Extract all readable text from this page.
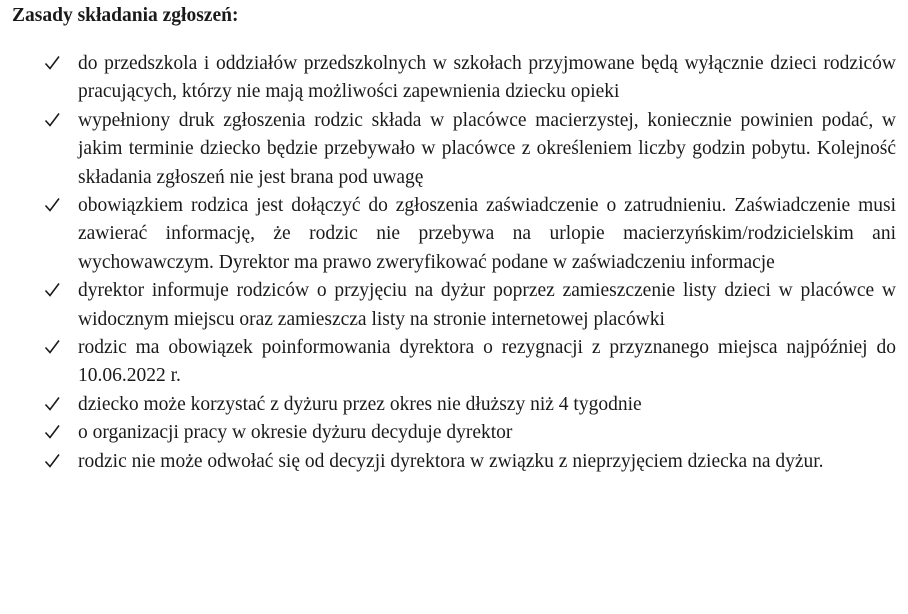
Zasady składania zgłoszeń:
do przedszkola i oddziałów przedszkolnych w szkołach przyjmowane będą wyłącznie dzieci rodziców pracujących, którzy nie mają możliwości zapewnienia dziecku opieki
wypełniony druk zgłoszenia rodzic składa w placówce macierzystej, koniecznie powinien podać, w jakim terminie dziecko będzie przebywało w placówce z określeniem liczby godzin pobytu. Kolejność składania zgłoszeń nie jest brana pod uwagę
obowiązkiem rodzica jest dołączyć do zgłoszenia zaświadczenie o zatrudnieniu. Zaświadczenie musi zawierać informację, że rodzic nie przebywa na urlopie macierzyńskim/rodzicielskim ani wychowawczym. Dyrektor ma prawo zweryfikować podane w zaświadczeniu informacje
dyrektor informuje rodziców o przyjęciu na dyżur poprzez zamieszczenie listy dzieci w placówce w widocznym miejscu oraz zamieszcza listy na stronie internetowej placówki
rodzic ma obowiązek poinformowania dyrektora o rezygnacji z przyznanego miejsca najpóźniej do 10.06.2022 r.
dziecko może korzystać z dyżuru przez okres nie dłuższy niż 4 tygodnie
o organizacji pracy w okresie dyżuru decyduje dyrektor
rodzic nie może odwołać się od decyzji dyrektora w związku z nieprzyjęciem dziecka na dyżur.
